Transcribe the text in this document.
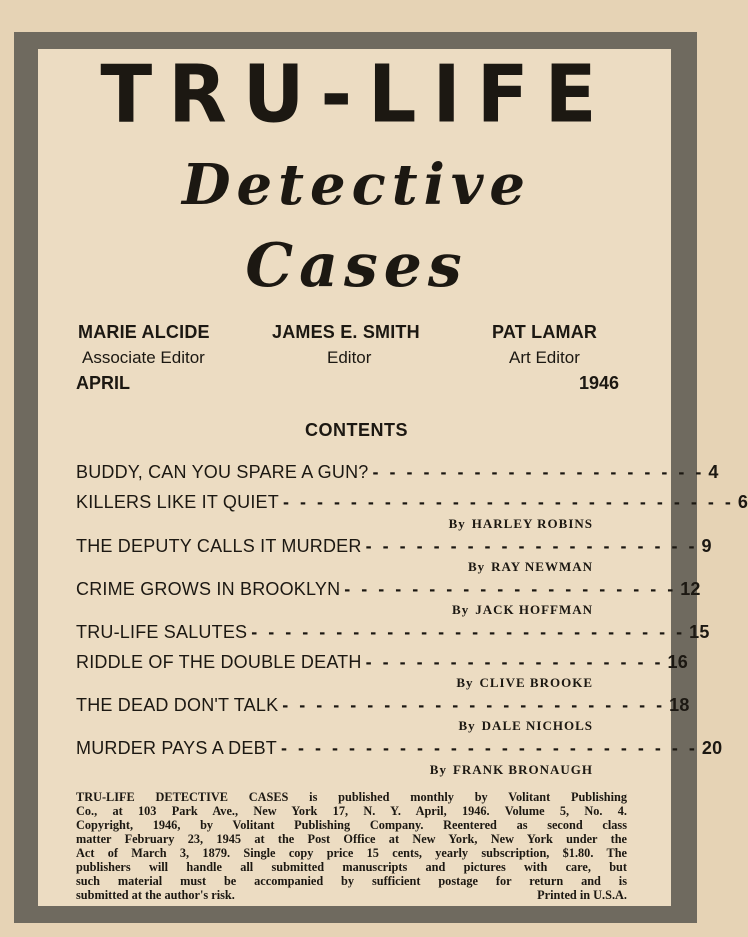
TRU-LIFE
Detective
Cases
MARIE ALCIDE
Associate Editor
JAMES E. SMITH
Editor
PAT LAMAR
Art Editor
APRIL	1946
CONTENTS
BUDDY, CAN YOU SPARE A GUN? - - - - - - - - - - - - - - - - - - - - 4
KILLERS LIKE IT QUIET - - - - - - - - - - - - - - - - - - - - - - - - - - - 6
By HARLEY ROBINS
THE DEPUTY CALLS IT MURDER - - - - - - - - - - - - - - - - - - - - 9
By RAY NEWMAN
CRIME GROWS IN BROOKLYN - - - - - - - - - - - - - - - - - - - - 12
By JACK HOFFMAN
TRU-LIFE SALUTES - - - - - - - - - - - - - - - - - - - - - - - - - - 15
RIDDLE OF THE DOUBLE DEATH - - - - - - - - - - - - - - - - - - 16
By CLIVE BROOKE
THE DEAD DON'T TALK - - - - - - - - - - - - - - - - - - - - - - - 18
By DALE NICHOLS
MURDER PAYS A DEBT - - - - - - - - - - - - - - - - - - - - - - - - - 20
By FRANK BRONAUGH
TRU-LIFE DETECTIVE CASES is published monthly by Volitant Publishing
Co., at 103 Park Ave., New York 17, N. Y. April, 1946. Volume 5, No. 4.
Copyright, 1946, by Volitant Publishing Company. Reentered as second class
matter February 23, 1945 at the Post Office at New York, New York under the
Act of March 3, 1879. Single copy price 15 cents, yearly subscription, $1.80. The
publishers will handle all submitted manuscripts and pictures with care, but
such material must be accompanied by sufficient postage for return and is
submitted at the author's risk.	Printed in U.S.A.
